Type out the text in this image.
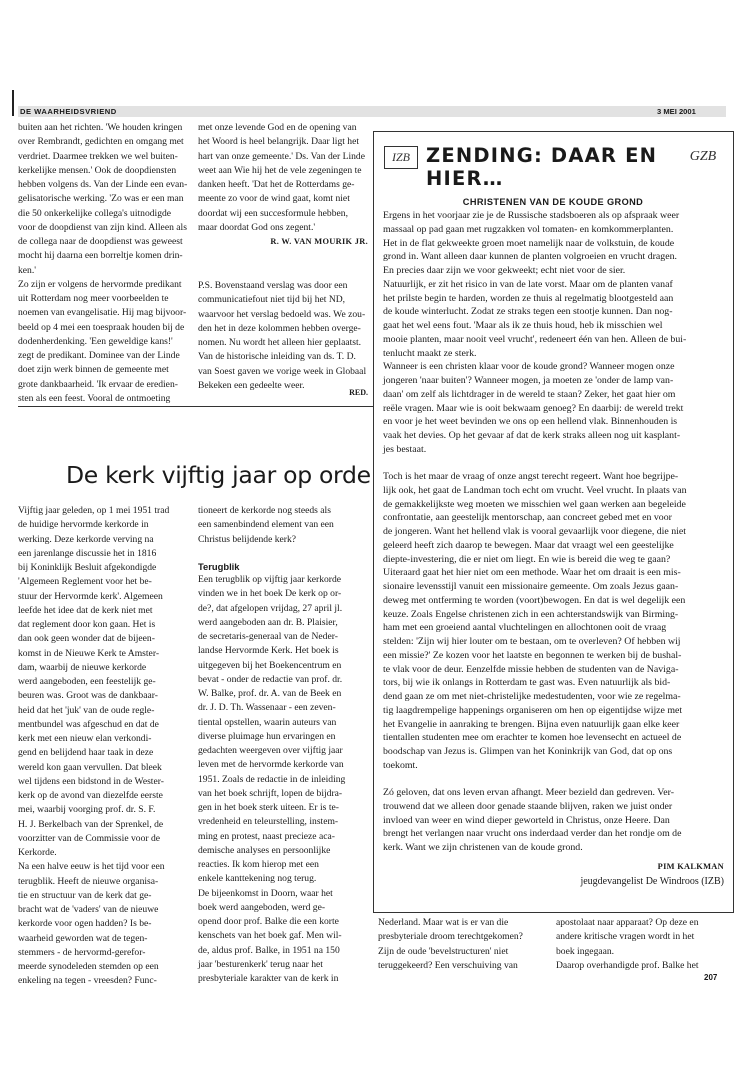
DE WAARHEIDSVRIEND	3 MEI 2001
buiten aan het richten. 'We houden kringen
over Rembrandt, gedichten en omgang met
verdriet. Daarmee trekken we wel buiten-
kerkelijke mensen.' Ook de doopdiensten
hebben volgens ds. Van der Linde een evan-
gelisatorische werking. 'Zo was er een man
die 50 onkerkelijke collega's uitnodigde
voor de doopdienst van zijn kind. Alleen als
de collega naar de doopdienst was geweest
mocht hij daarna een borreltje komen drin-
ken.'
Zo zijn er volgens de hervormde predikant
uit Rotterdam nog meer voorbeelden te
noemen van evangelisatie. Hij mag bijvoor-
beeld op 4 mei een toespraak houden bij de
dodenherdenking. 'Een geweldige kans!'
zegt de predikant. Dominee van der Linde
doet zijn werk binnen de gemeente met
grote dankbaarheid. 'Ik ervaar de eredien-
sten als een feest. Vooral de ontmoeting
met onze levende God en de opening van
het Woord is heel belangrijk. Daar ligt het
hart van onze gemeente.' Ds. Van der Linde
weet aan Wie hij het de vele zegeningen te
danken heeft. 'Dat het de Rotterdams ge-
meente zo voor de wind gaat, komt niet
doordat wij een succesformule hebben,
maar doordat God ons zegent.'
R. W. VAN MOURIK JR.
P.S. Bovenstaand verslag was door een
communicatiefout niet tijd bij het ND,
waarvoor het verslag bedoeld was. We zou-
den het in deze kolommen hebben overge-
nomen. Nu wordt het alleen hier geplaatst.
Van de historische inleiding van ds. T. D.
van Soest gaven we vorige week in Globaal
Bekeken een gedeelte weer.
RED.
IZB ZENDING: DAAR EN HIER…
GZB
CHRISTENEN VAN DE KOUDE GROND
Ergens in het voorjaar zie je de Russische stadsboeren als op afspraak weer
massaal op pad gaan met rugzakken vol tomaten- en komkommerplanten.
Het in de flat gekweekte groen moet namelijk naar de volkstuin, de koude
grond in. Want alleen daar kunnen de planten volgroeien en vrucht dragen.
En precies daar zijn we voor gekweekt; echt niet voor de sier.
Natuurlijk, er zit het risico in van de late vorst. Maar om de planten vanaf
het prilste begin te harden, worden ze thuis al regelmatig blootgesteld aan
de koude winterlucht. Zodat ze straks tegen een stootje kunnen. Dan nog-
gaat het wel eens fout. 'Maar als ik ze thuis houd, heb ik misschien wel
mooie planten, maar nooit veel vrucht', redeneert één van hen. Alleen de bui-
tenlucht maakt ze sterk.
Wanneer is een christen klaar voor de koude grond? Wanneer mogen onze
jongeren 'naar buiten'? Wanneer mogen, ja moeten ze 'onder de lamp van-
daan' om zelf als lichtdrager in de wereld te staan? Zeker, het gaat hier om
reële vragen. Maar wie is ooit bekwaam genoeg? En daarbij: de wereld trekt
en voor je het weet bevinden we ons op een hellend vlak. Binnenhouden is
vaak het devies. Op het gevaar af dat de kerk straks alleen nog uit kasplant-
jes bestaat.
Toch is het maar de vraag of onze angst terecht regeert. Want hoe begrijpe-
lijk ook, het gaat de Landman toch echt om vrucht. Veel vrucht. In plaats van
de gemakkelijkste weg moeten we misschien wel gaan werken aan begeleide
confrontatie, aan geestelijk mentorschap, aan concreet gebed met en voor
de jongeren. Want het hellend vlak is vooral gevaarlijk voor diegene, die niet
geleerd heeft zich daarop te bewegen. Maar dat vraagt wel een geestelijke
diepte-investering, die er niet om liegt. En wie is bereid die weg te gaan?
Uiteraard gaat het hier niet om een methode. Waar het om draait is een mis-
sionaire levensstijl vanuit een missionaire gemeente. Om zoals Jezus gaan-
deweg met ontferming te worden (voort)bewogen. En dat is wel degelijk een
keuze. Zoals Engelse christenen zich in een achterstandswijk van Birming-
ham met een groeiend aantal vluchtelingen en allochtonen ooit de vraag
stelden: 'Zijn wij hier louter om te bestaan, om te overleven? Of hebben wij
een missie?' Ze kozen voor het laatste en begonnen te werken bij de bushal-
te vlak voor de deur. Eenzelfde missie hebben de studenten van de Naviga-
tors, bij wie ik onlangs in Rotterdam te gast was. Even natuurlijk als bid-
dend gaan ze om met niet-christelijke medestudenten, voor wie ze regelma-
tig laagdrempelige happenings organiseren om hen op eigentijdse wijze met
het Evangelie in aanraking te brengen. Bijna even natuurlijk gaan elke keer
tientallen studenten mee om erachter te komen hoe levensecht en actueel de
boodschap van Jezus is. Glimpen van het Koninkrijk van God, dat op ons
toekomt.
Zó geloven, dat ons leven ervan afhangt. Meer bezield dan gedreven. Ver-
trouwend dat we alleen door genade staande blijven, raken we juist onder
invloed van weer en wind dieper geworteld in Christus, onze Heere. Dan
brengt het verlangen naar vrucht ons inderdaad verder dan het rondje om de
kerk. Want we zijn christenen van de koude grond.
PIM KALKMAN
jeugdevangelist De Windroos (IZB)
De kerk vijftig jaar op orde
Vijftig jaar geleden, op 1 mei 1951 trad
de huidige hervormde kerkorde in
werking. Deze kerkorde verving na
een jarenlange discussie het in 1816
bij Koninklijk Besluit afgekondigde
'Algemeen Reglement voor het be-
stuur der Hervormde kerk'. Algemeen
leefde het idee dat de kerk niet met
dat reglement door kon gaan. Het is
dan ook geen wonder dat de bijeen-
komst in de Nieuwe Kerk te Amster-
dam, waarbij de nieuwe kerkorde
werd aangeboden, een feestelijk ge-
beuren was. Groot was de dankbaar-
heid dat het 'juk' van de oude regle-
mentbundel was afgeschud en dat de
kerk met een nieuw elan verkondi-
gend en belijdend haar taak in deze
wereld kon gaan vervullen. Dat bleek
wel tijdens een bidstond in de Wester-
kerk op de avond van diezelfde eerste
mei, waarbij voorging prof. dr. S. F.
H. J. Berkelbach van der Sprenkel, de
voorzitter van de Commissie voor de
Kerkorde.
Na een halve eeuw is het tijd voor een
terugblik. Heeft de nieuwe organisa-
tie en structuur van de kerk dat ge-
bracht wat de 'vaders' van de nieuwe
kerkorde voor ogen hadden? Is be-
waarheid geworden wat de tegen-
stemmers - de hervormd-gerefor-
meerde synodeleden stemden op een
enkeling na tegen - vreesden? Func-
tioneert de kerkorde nog steeds als
een samenbindend element van een
Christus belijdende kerk?
Terugblik
Een terugblik op vijftig jaar kerkorde
vinden we in het boek De kerk op or-
de?, dat afgelopen vrijdag, 27 april jl.
werd aangeboden aan dr. B. Plaisier,
de secretaris-generaal van de Neder-
landse Hervormde Kerk. Het boek is
uitgegeven bij het Boekencentrum en
bevat - onder de redactie van prof. dr.
W. Balke, prof. dr. A. van de Beek en
dr. J. D. Th. Wassenaar - een zeven-
tiental opstellen, waarin auteurs van
diverse pluimage hun ervaringen en
gedachten weergeven over vijftig jaar
leven met de hervormde kerkorde van
1951. Zoals de redactie in de inleiding
van het boek schrijft, lopen de bijdra-
gen in het boek sterk uiteen. Er is te-
vredenheid en teleurstelling, instem-
ming en protest, naast precieze aca-
demische analyses en persoonlijke
reacties. Ik kom hierop met een
enkele kanttekening nog terug.
De bijeenkomst in Doorn, waar het
boek werd aangeboden, werd ge-
opend door prof. Balke die een korte
kenschets van het boek gaf. Men wil-
de, aldus prof. Balke, in 1951 na 150
jaar 'besturenkerk' terug naar het
presbyteriale karakter van de kerk in
Nederland. Maar wat is er van die
presbyteriale droom terechtgekomen?
Zijn de oude 'bevelstructuren' niet
teruggekeerd? Een verschuiving van
apostolaat naar apparaat? Op deze en
andere kritische vragen wordt in het
boek ingegaan.
Daarop overhandigde prof. Balke het
207
